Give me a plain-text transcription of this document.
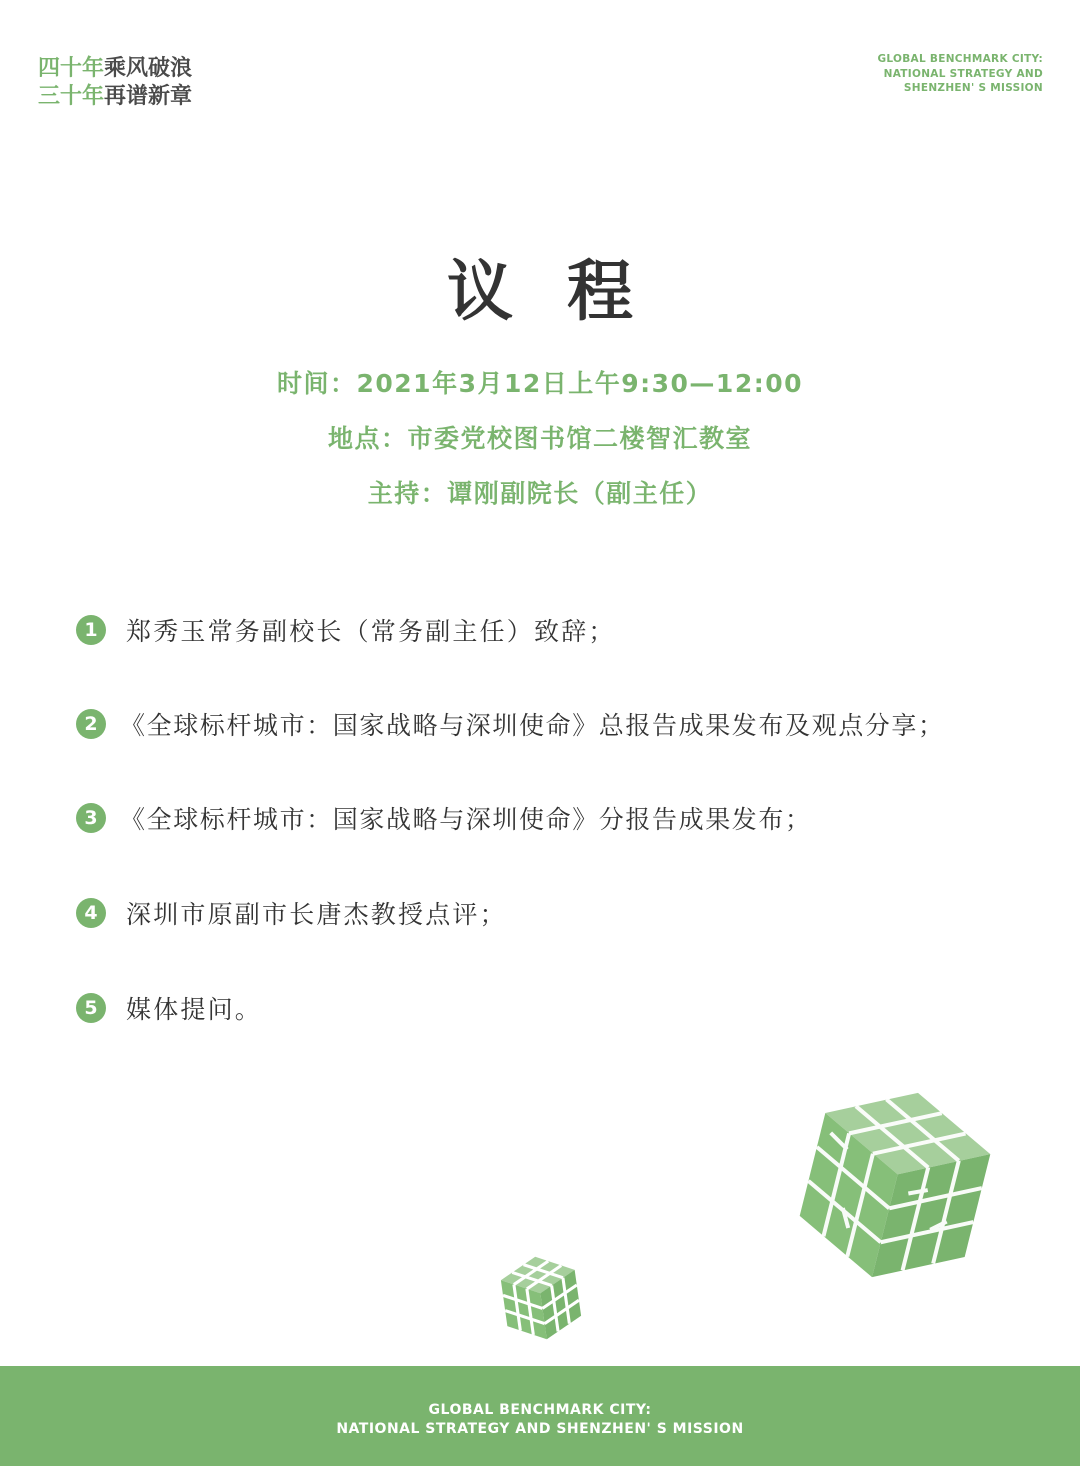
四十年乘风破浪
三十年再谱新章
GLOBAL BENCHMARK CITY:
NATIONAL STRATEGY AND
SHENZHEN' S MISSION
议程
时间：2021年3月12日上午9:30—12:00
地点：市委党校图书馆二楼智汇教室
主持：谭刚副院长（副主任）
1	郑秀玉常务副校长（常务副主任）致辞；
2 《全球标杆城市：国家战略与深圳使命》总报告成果发布及观点分享；
3 《全球标杆城市：国家战略与深圳使命》分报告成果发布；
4	深圳市原副市长唐杰教授点评；
5	媒体提问。
GLOBAL BENCHMARK CITY:
NATIONAL STRATEGY AND SHENZHEN' S MISSION
